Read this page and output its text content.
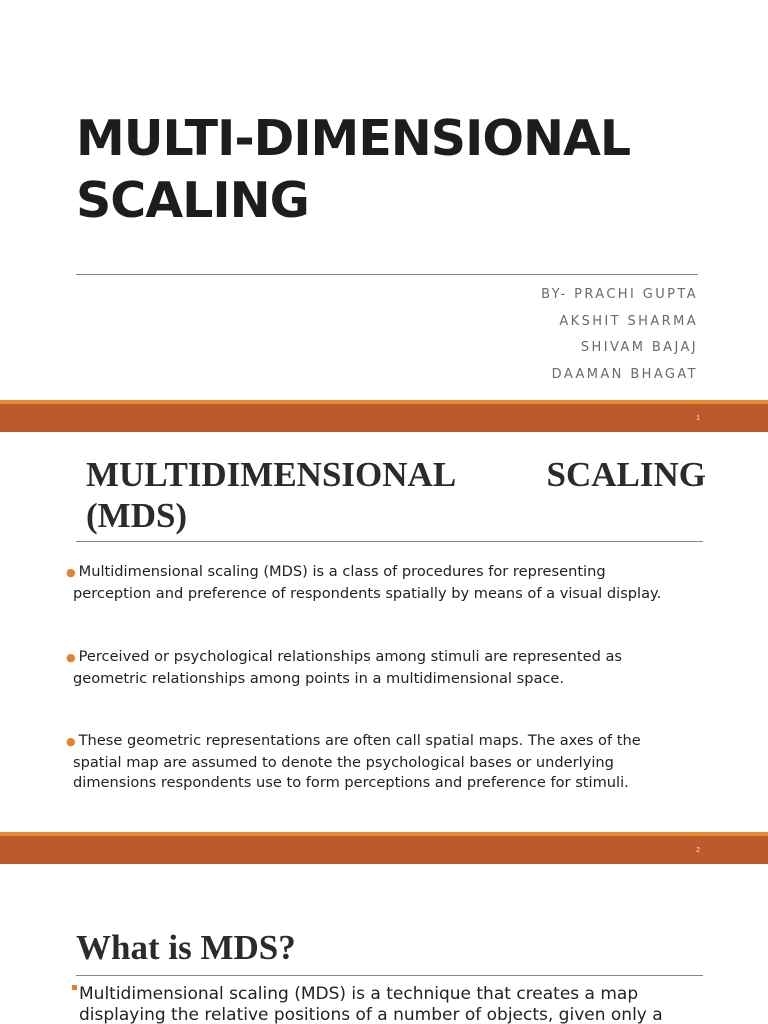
MULTI-DIMENSIONAL
SCALING
BY- PRACHI GUPTA
AKSHIT SHARMA
SHIVAM BAJAJ
DAAMAN BHAGAT
1
MULTIDIMENSIONAL SCALING
(MDS)
● Multidimensional scaling (MDS) is a class of procedures for representing
perception and preference of respondents spatially by means of a visual display.
● Perceived or psychological relationships among stimuli are represented as
geometric relationships among points in a multidimensional space.
● These geometric representations are often call spatial maps. The axes of the
spatial map are assumed to denote the psychological bases or underlying
dimensions respondents use to form perceptions and preference for stimuli.
2
What is MDS?
Multidimensional scaling (MDS) is a technique that creates a map
displaying the relative positions of a number of objects, given only a
